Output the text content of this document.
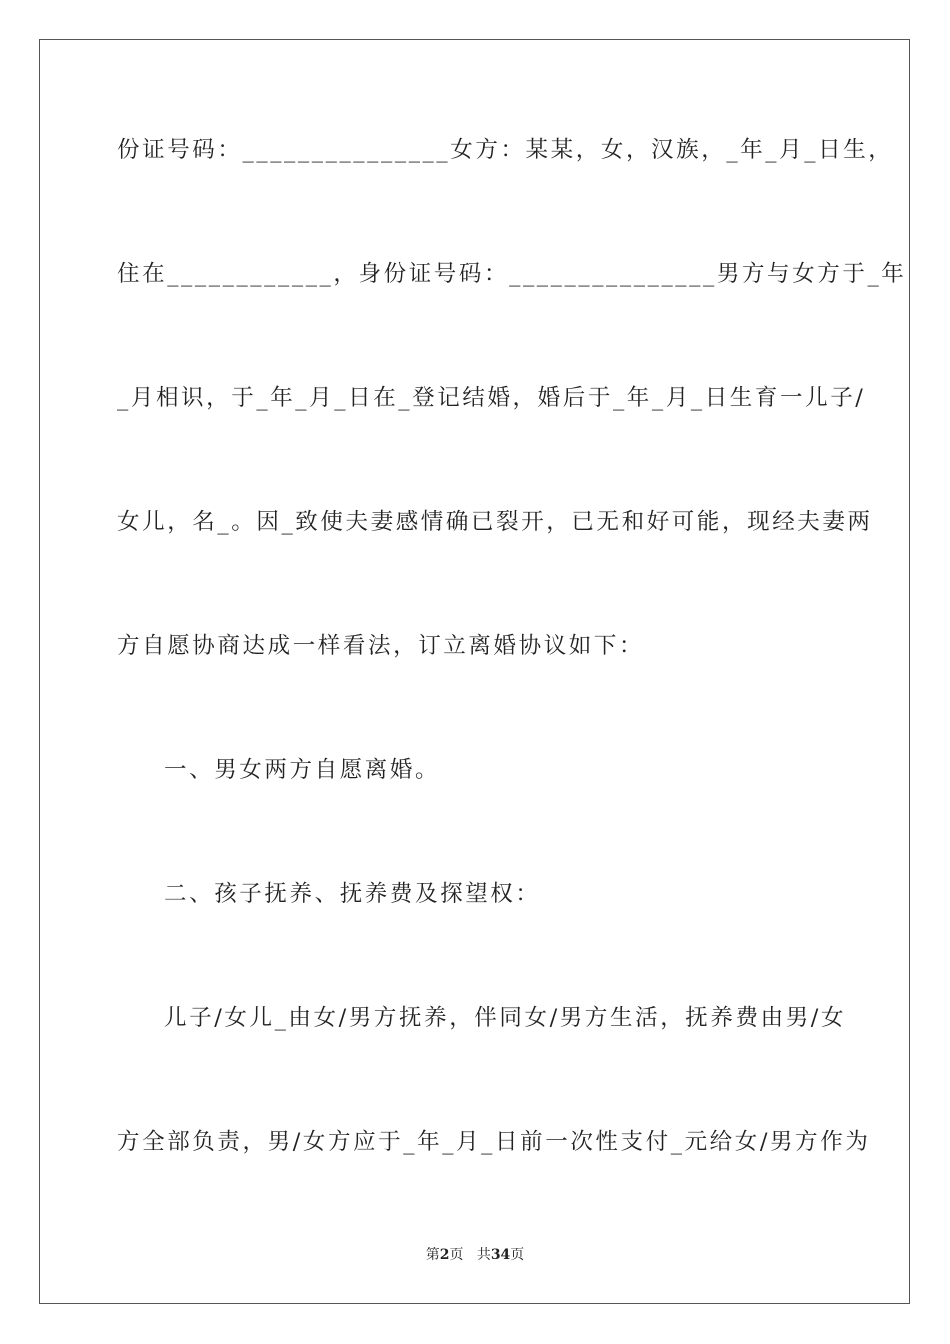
份证号码：_______________女方：某某，女，汉族，_年_月_日生，
住在____________，身份证号码：_______________男方与女方于_年
_月相识，于_年_月_日在_登记结婚，婚后于_年_月_日生育一儿子/
女儿，名_。因_致使夫妻感情确已裂开，已无和好可能，现经夫妻两
方自愿协商达成一样看法，订立离婚协议如下：
一、男女两方自愿离婚。
二、孩子抚养、抚养费及探望权：
儿子/女儿_由女/男方抚养，伴同女/男方生活，抚养费由男/女
方全部负责，男/女方应于_年_月_日前一次性支付_元给女/男方作为
第2页 共34页
